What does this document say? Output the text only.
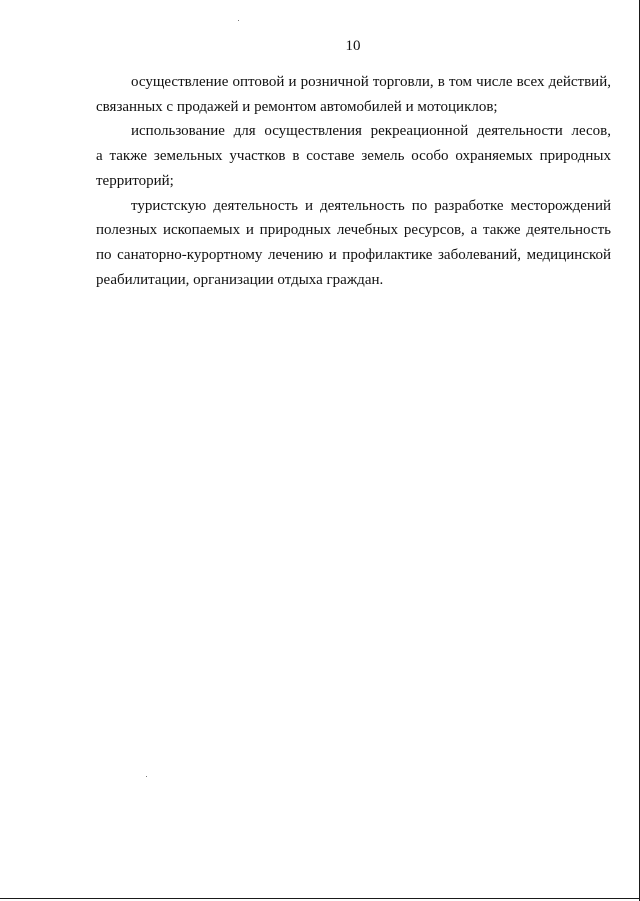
10

осуществление оптовой и розничной торговли, в том числе всех действий,
связанных с продажей и ремонтом автомобилей и мотоциклов;

использование для осуществления рекреационной деятельности лесов,
а также земельных участков в составе земель особо охраняемых природных
территорий;

туристскую деятельность и деятельность по разработке месторождений
полезных ископаемых и природных лечебных ресурсов, а также деятельность
по санаторно-курортному лечению и профилактике заболеваний, медицинской
реабилитации, организации отдыха граждан.
